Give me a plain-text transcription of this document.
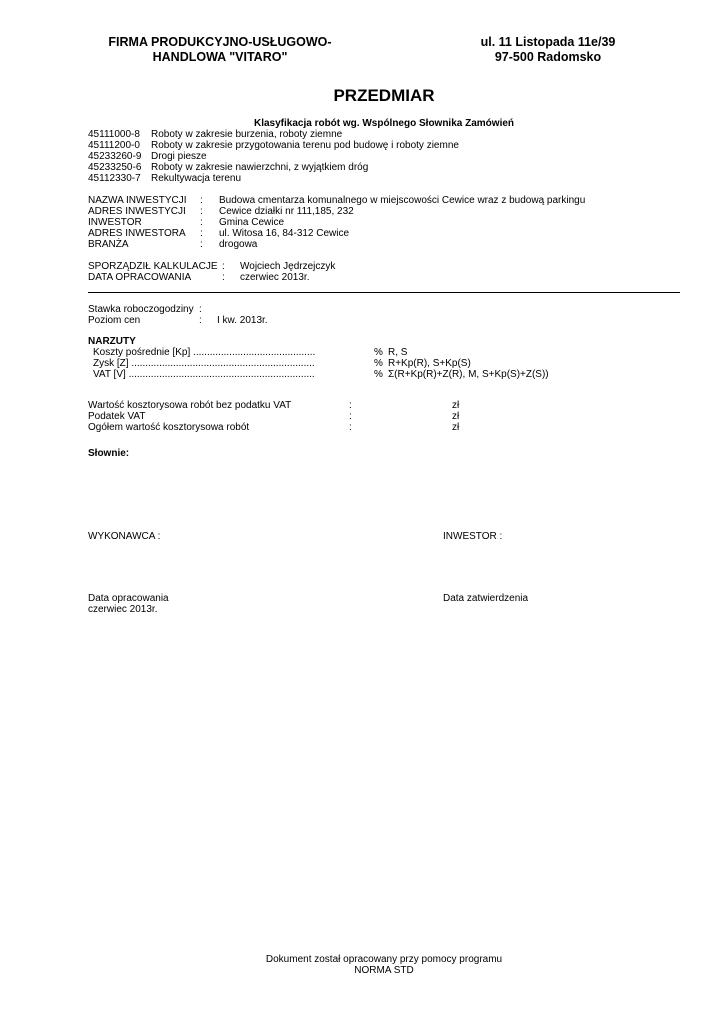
FIRMA PRODUKCYJNO-USŁUGOWO-
HANDLOWA "VITARO"
ul. 11 Listopada 11e/39
97-500 Radomsko
PRZEDMIAR
Klasyfikacja robót wg. Wspólnego Słownika Zamówień
45111000-8 Roboty w zakresie burzenia, roboty ziemne
45111200-0 Roboty w zakresie przygotowania terenu pod budowę i roboty ziemne
45233260-9 Drogi piesze
45233250-6 Roboty w zakresie nawierzchni, z wyjątkiem dróg
45112330-7 Rekultywacja terenu
NAZWA INWESTYCJI : Budowa cmentarza komunalnego w miejscowości Cewice wraz z budową parkingu
ADRES INWESTYCJI : Cewice działki nr 111,185, 232
INWESTOR	: Gmina Cewice
ADRES INWESTORA : ul. Witosa 16, 84-312 Cewice
BRANŻA	: drogowa
SPORZĄDZIŁ KALKULACJE : Wojciech Jędrzejczyk
DATA OPRACOWANIA	: czerwiec 2013r.
Stawka roboczogodziny :
Poziom cen	: I kw. 2013r.
NARZUTY
Koszty pośrednie [Kp] ............................................	% R, S
Zysk [Z] ..................................................................	% R+Kp(R), S+Kp(S)
VAT [V] ...................................................................	% Σ(R+Kp(R)+Z(R), M, S+Kp(S)+Z(S))
Wartość kosztorysowa robót bez podatku VAT	:	zł
Podatek VAT	:	zł
Ogółem wartość kosztorysowa robót	:	zł
Słownie:
WYKONAWCA :	INWESTOR :
Data opracowania
czerwiec 2013r.
Data zatwierdzenia
Dokument został opracowany przy pomocy programu
NORMA STD
